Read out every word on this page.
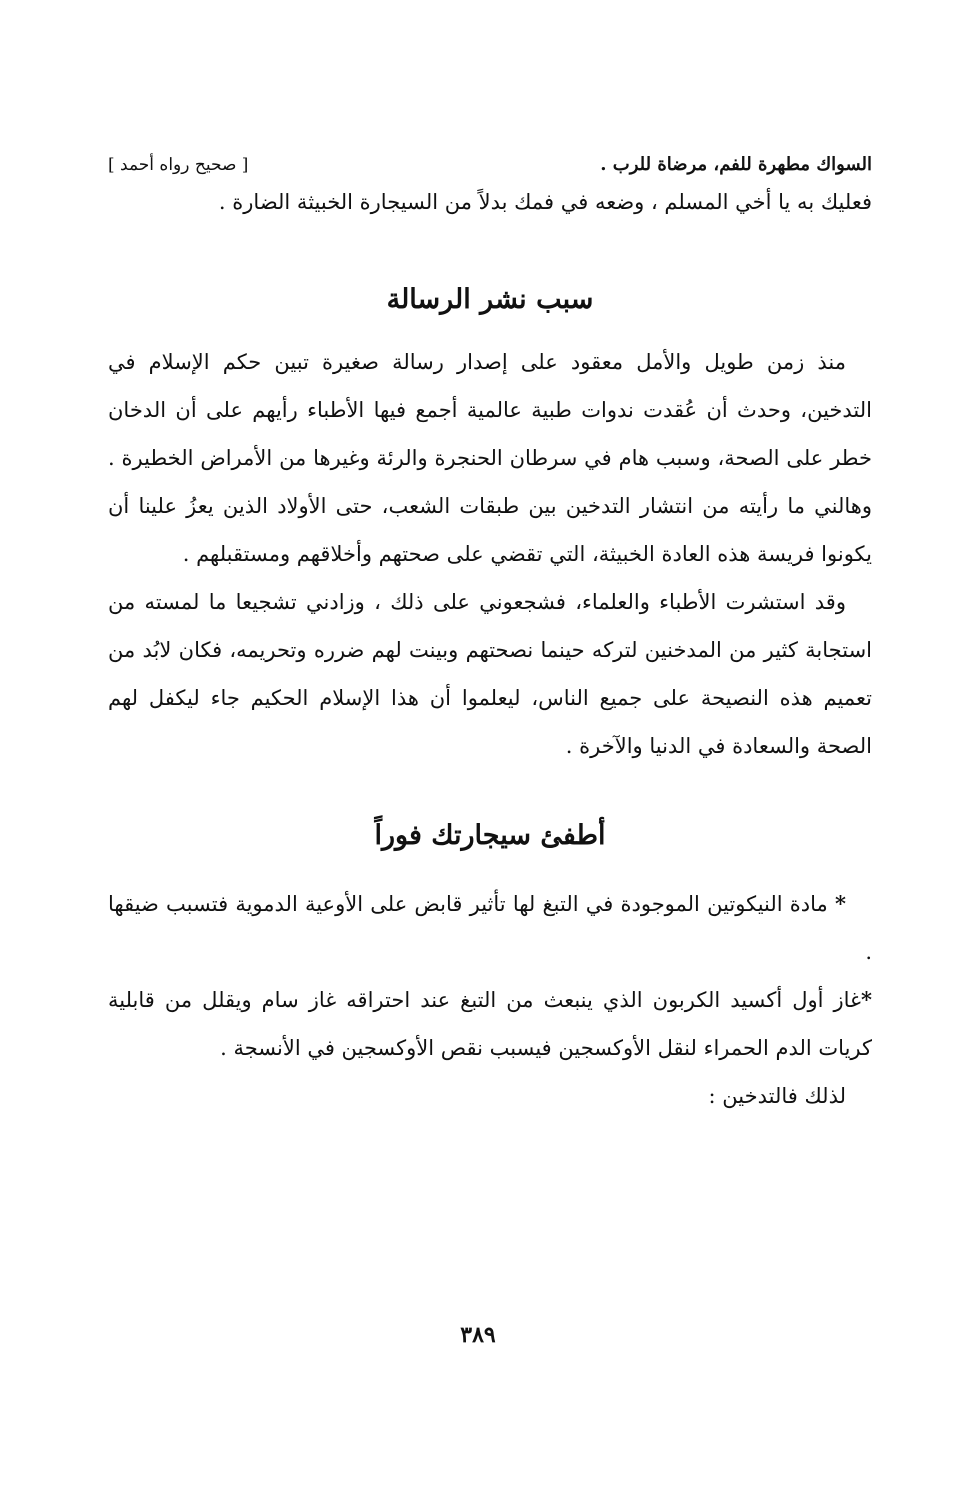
السواك مطهرة للفم، مرضاة للرب .
[ صحيح رواه أحمد ]

فعليك به يا أخي المسلم ، وضعه في فمك بدلاً من السيجارة الخبيثة الضارة .

سبب نشر الرسالة

منذ زمن طويل والأمل معقود على إصدار رسالة صغيرة تبين حكم الإسلام في التدخين، وحدث أن عُقدت ندوات طبية عالمية أجمع فيها الأطباء رأيهم على أن الدخان خطر على الصحة، وسبب هام في سرطان الحنجرة والرئة وغيرها من الأمراض الخطيرة . وهالني ما رأيته من انتشار التدخين بين طبقات الشعب، حتى الأولاد الذين يعزُ علينا أن يكونوا فريسة هذه العادة الخبيثة، التي تقضي على صحتهم وأخلاقهم ومستقبلهم .

وقد استشرت الأطباء والعلماء، فشجعوني على ذلك ، وزادني تشجيعا ما لمسته من استجابة كثير من المدخنين لتركه حينما نصحتهم وبينت لهم ضرره وتحريمه، فكان لابُد من تعميم هذه النصيحة على جميع الناس، ليعلموا أن هذا الإسلام الحكيم جاء ليكفل لهم الصحة والسعادة في الدنيا والآخرة .

أطفئ سيجارتك فوراً

* مادة النيكوتين الموجودة في التبغ لها تأثير قابض على الأوعية الدموية فتسبب ضيقها .

*غاز أول أكسيد الكربون الذي ينبعث من التبغ عند احتراقه غاز سام ويقلل من قابلية كريات الدم الحمراء لنقل الأوكسجين فيسبب نقص الأوكسجين في الأنسجة .

لذلك فالتدخين :

٣٨٩
